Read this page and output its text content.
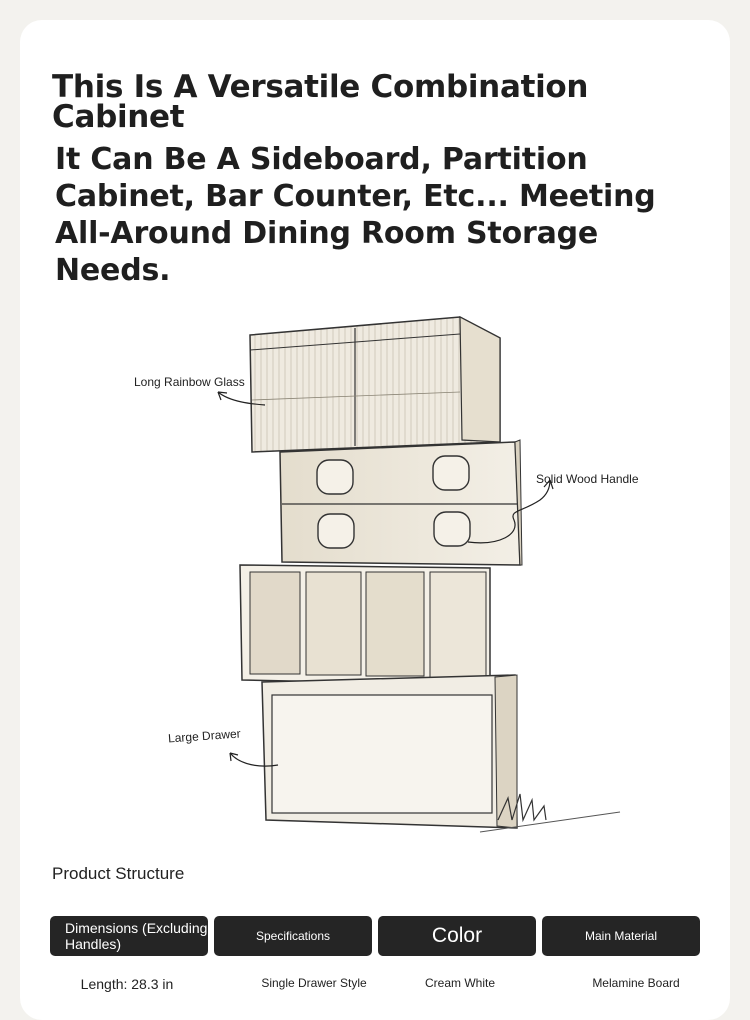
This Is A Versatile Combination Cabinet
It Can Be A Sideboard, Partition Cabinet, Bar Counter, Etc... Meeting All-Around Dining Room Storage Needs.
Long Rainbow Glass
Solid Wood Handle
Large Drawer
Product Structure
Dimensions (Excluding Handles)	Specifications	Color	Main Material
Length: 28.3 in	Single Drawer Style	Cream White	Melamine Board
